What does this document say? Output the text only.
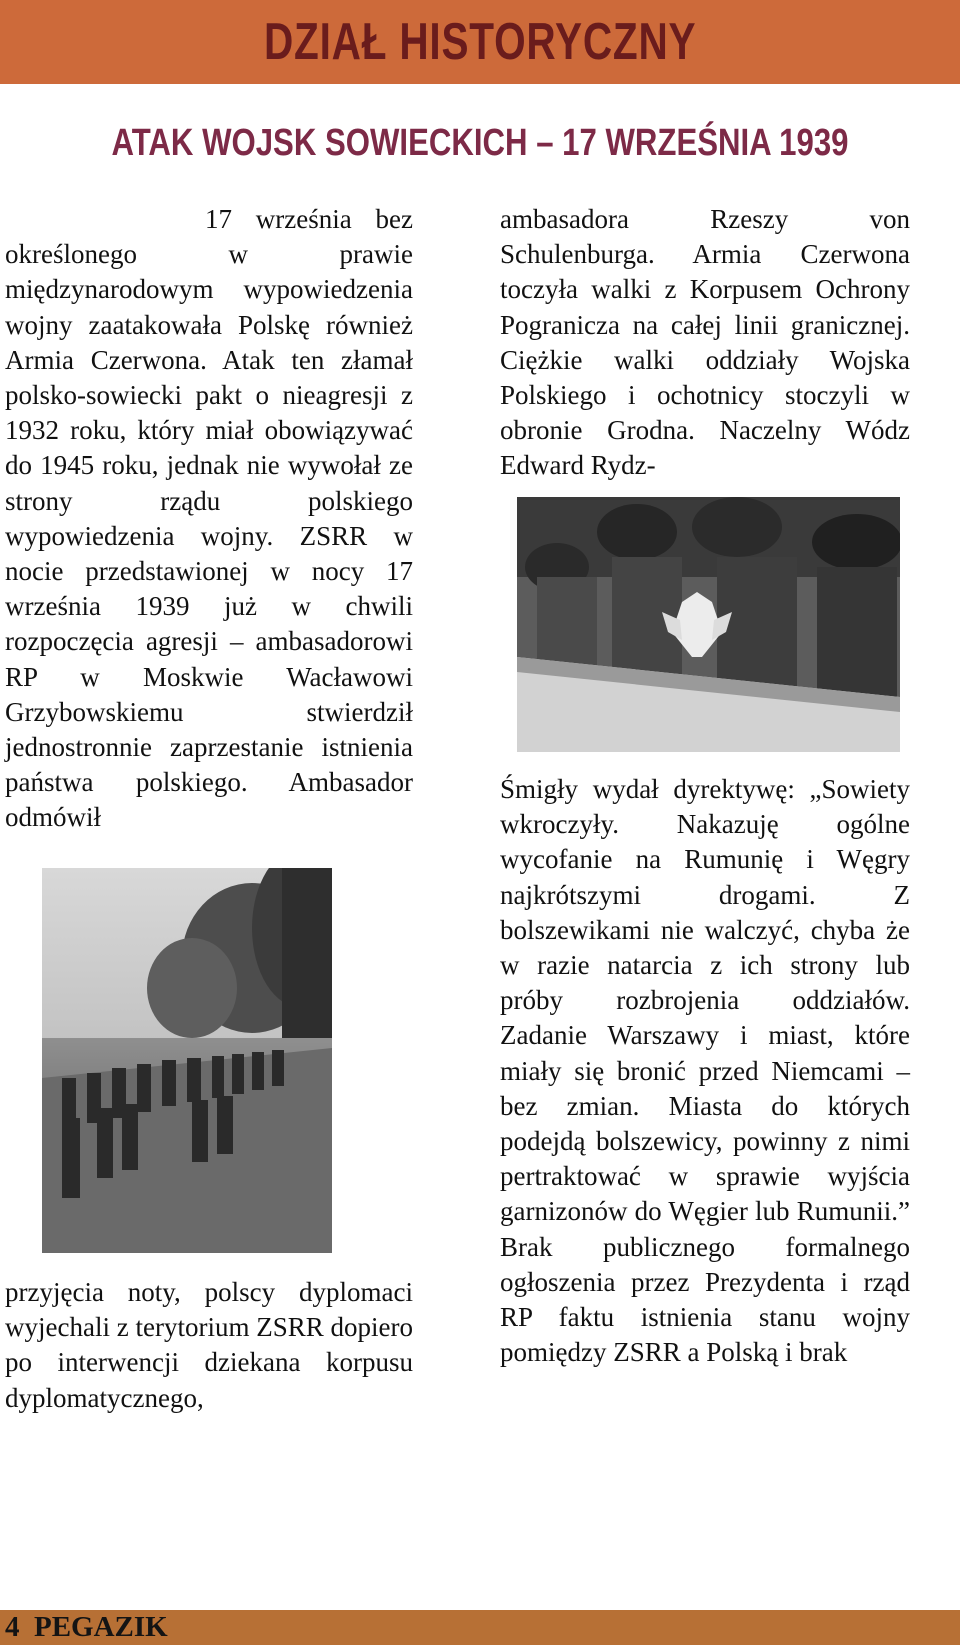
DZIAŁ HISTORYCZNY
ATAK WOJSK SOWIECKICH – 17 WRZEŚNIA 1939
17 września bez określonego w prawie międzynarodowym wypowiedzenia wojny zaatakowała Polskę również Armia Czerwona. Atak ten złamał polsko-sowiecki pakt o nieagresji z 1932 roku, który miał obowiązywać do 1945 roku, jednak nie wywołał ze strony rządu polskiego wypowiedzenia wojny. ZSRR w nocie przedstawionej w nocy 17 września 1939 już w chwili rozpoczęcia agresji – ambasadorowi RP w Moskwie Wacławowi Grzybowskiemu stwierdził jednostronnie zaprzestanie istnienia państwa polskiego. Ambasador odmówił
przyjęcia noty, polscy dyplomaci wyjechali z terytorium ZSRR dopiero po interwencji dziekana korpusu dyplomatycznego,
ambasadora Rzeszy von Schulenburga. Armia Czerwona toczyła walki z Korpusem Ochrony Pogranicza na całej linii granicznej. Ciężkie walki oddziały Wojska Polskiego i ochotnicy stoczyli w obronie Grodna. Naczelny Wódz Edward Rydz-
Śmigły wydał dyrektywę: „Sowiety wkroczyły. Nakazuję ogólne wycofanie na Rumunię i Węgry najkrótszymi drogami. Z bolszewikami nie walczyć, chyba że w razie natarcia z ich strony lub próby rozbrojenia oddziałów. Zadanie Warszawy i miast, które miały się bronić przed Niemcami – bez zmian. Miasta do których podejdą bolszewicy, powinny z nimi pertraktować w sprawie wyjścia garnizonów do Węgier lub Rumunii.” Brak publicznego formalnego ogłoszenia przez Prezydenta i rząd RP faktu istnienia stanu wojny pomiędzy ZSRR a Polską i brak
4  PEGAZIK
